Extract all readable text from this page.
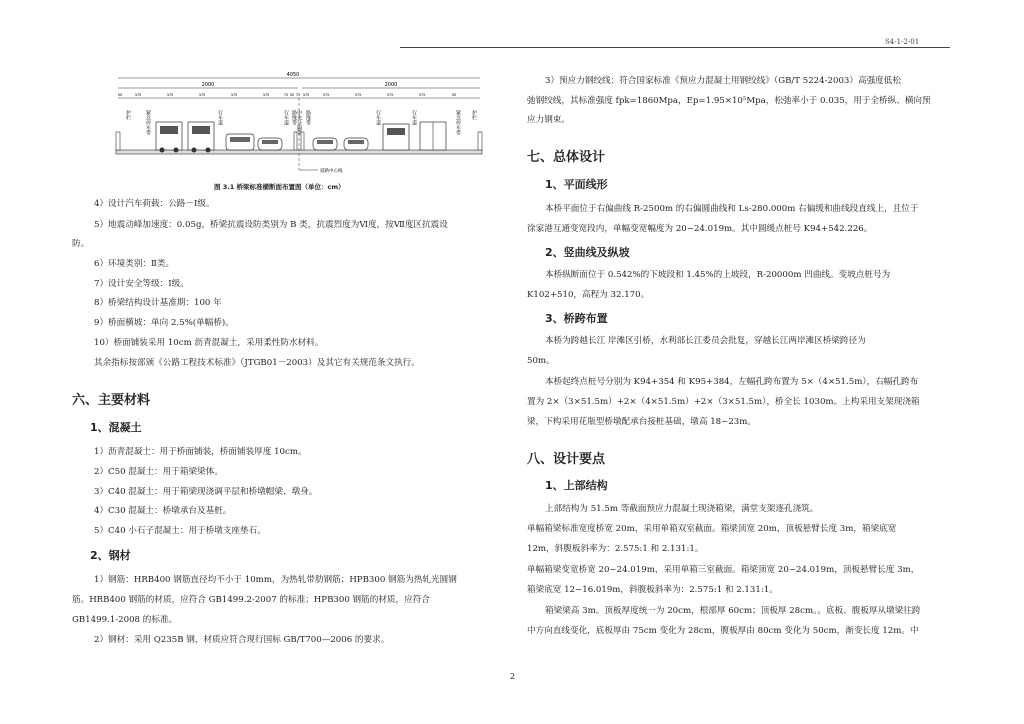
S4-1-2-01
4050
2000	2000
50	375	375	375	375	375	75 50 75 375	375	375	375	375	50
护栏	紧急停车带	行车道	行车道 路缘带 路缘带	行车道	行车道	紧急停车带 护栏
中央分隔带
道路中心线
图 3.1 桥梁标准横断面布置图（单位：cm）
4）设计汽车荷载：公路－Ⅰ级。
5）地震动峰加速度：0.05g，桥梁抗震设防类别为 B 类，抗震烈度为Ⅵ度，按Ⅶ度区抗震设
防。
6）环境类别：Ⅱ类。
7）设计安全等级：Ⅰ级。
8）桥梁结构设计基准期：100 年
9）桥面横坡：单向 2.5%(单幅桥)。
10）桥面铺装采用 10cm 沥青混凝土，采用柔性防水材料。
其余指标按部颁《公路工程技术标准》（JTGB01－2003）及其它有关规范条文执行。
六、主要材料
1、混凝土
1）沥青混凝土：用于桥面铺装，桥面铺装厚度 10cm。
2）C50 混凝土：用于箱梁梁体。
3）C40 混凝土：用于箱梁现浇调平层和桥墩帽梁、墩身。
4）C30 混凝土：桥墩承台及基桩。
5）C40 小石子混凝土：用于桥墩支座垫石。
2、钢材
1）钢筋：HRB400 钢筋直径均不小于 10mm，为热轧带肋钢筋；HPB300 钢筋为热轧光圆钢
筋。HRB400 钢筋的材质，应符合 GB1499.2-2007 的标准；HPB300 钢筋的材质，应符合
GB1499.1-2008 的标准。
2）钢材：采用 Q235B 钢，材质应符合现行国标 GB/T700—2006 的要求。
3）预应力钢绞线：符合国家标准《预应力混凝土用钢绞线》（GB/T 5224-2003）高强度低松
弛钢绞线，其标准强度 fpk=1860Mpa，Ep=1.95×10⁵Mpa，松弛率小于 0.035，用于全桥纵、横向预
应力钢束。
七、总体设计
1、平面线形
本桥平面位于右偏曲线 R-2500m 的右偏圆曲线和 Ls-280.000m 右偏缓和曲线段直线上，且位于
徐家港互通变宽段内，单幅变宽幅度为 20~24.019m。其中圆缓点桩号 K94+542.226。
2、竖曲线及纵坡
本桥纵断面位于 0.542%的下坡段和 1.45%的上坡段，R-20000m 凹曲线。变坡点桩号为
K102+510，高程为 32.170。
3、桥跨布置
本桥为跨越长江 岸滩区引桥，水利部长江委员会批复，穿越长江两岸滩区桥梁跨径为
50m。
本桥起终点桩号分别为 K94+354 和 K95+384，左幅孔跨布置为 5×（4×51.5m），右幅孔跨布
置为 2×（3×51.5m）+2×（4×51.5m）+2×（3×51.5m），桥全长 1030m。上构采用支架现浇箱
梁，下构采用花瓶型桥墩配承台接桩基础，墩高 18~23m。
八、设计要点
1、上部结构
上部结构为 51.5m 等截面预应力混凝土现浇箱梁，满堂支架逐孔浇筑。
单幅箱梁标准宽度桥宽 20m，采用单箱双室截面。箱梁顶宽 20m，顶板悬臂长度 3m，箱梁底宽
12m，斜腹板斜率为：2.575:1 和 2.131:1。
单幅箱梁变宽桥宽 20~24.019m，采用单箱三室截面。箱梁顶宽 20~24.019m，顶板悬臂长度 3m，
箱梁底宽 12~16.019m，斜腹板斜率为：2.575:1 和 2.131:1。
箱梁梁高 3m。顶板厚度统一为 20cm，根部厚 60cm；顶板厚 28cm。。底板、腹板厚从墩梁往跨
中方向直线变化，底板厚由 75cm 变化为 28cm，腹板厚由 80cm 变化为 50cm，渐变长度 12m。中
2
